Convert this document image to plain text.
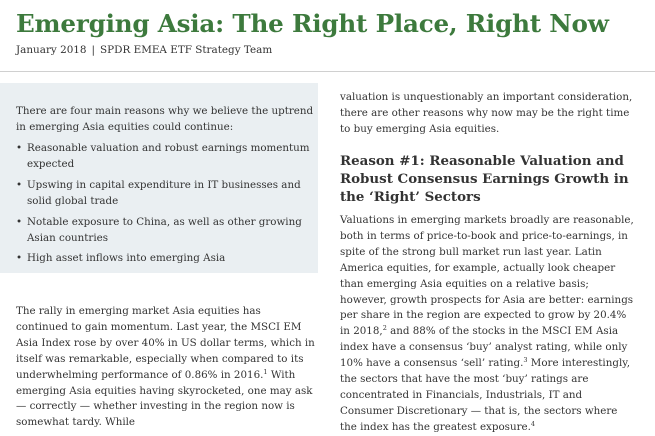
Emerging Asia: The Right Place, Right Now

January 2018 | SPDR EMEA ETF Strategy Team

There are four main reasons why we believe the uptrend in emerging Asia equities could continue:

• Reasonable valuation and robust earnings momentum expected
• Upswing in capital expenditure in IT businesses and solid global trade
• Notable exposure to China, as well as other growing Asian countries
• High asset inflows into emerging Asia

The rally in emerging market Asia equities has continued to gain momentum. Last year, the MSCI EM Asia Index rose by over 40% in US dollar terms, which in itself was remarkable, especially when compared to its underwhelming performance of 0.86% in 2016.$^1$ With emerging Asia equities having skyrocketed, one may ask — correctly — whether investing in the region now is somewhat tardy. While

valuation is unquestionably an important consideration, there are other reasons why now may be the right time to buy emerging Asia equities.

Reason #1: Reasonable Valuation and Robust Consensus Earnings Growth in the ‘Right’ Sectors

Valuations in emerging markets broadly are reasonable, both in terms of price-to-book and price-to-earnings, in spite of the strong bull market run last year. Latin America equities, for example, actually look cheaper than emerging Asia equities on a relative basis; however, growth prospects for Asia are better: earnings per share in the region are expected to grow by 20.4% in 2018,$^2$ and 88% of the stocks in the MSCI EM Asia index have a consensus ‘buy’ analyst rating, while only 10% have a consensus ‘sell’ rating.$^3$ More interestingly, the sectors that have the most ‘buy’ ratings are concentrated in Financials, Industrials, IT and Consumer Discretionary — that is, the sectors where the index has the greatest exposure.$^4$
